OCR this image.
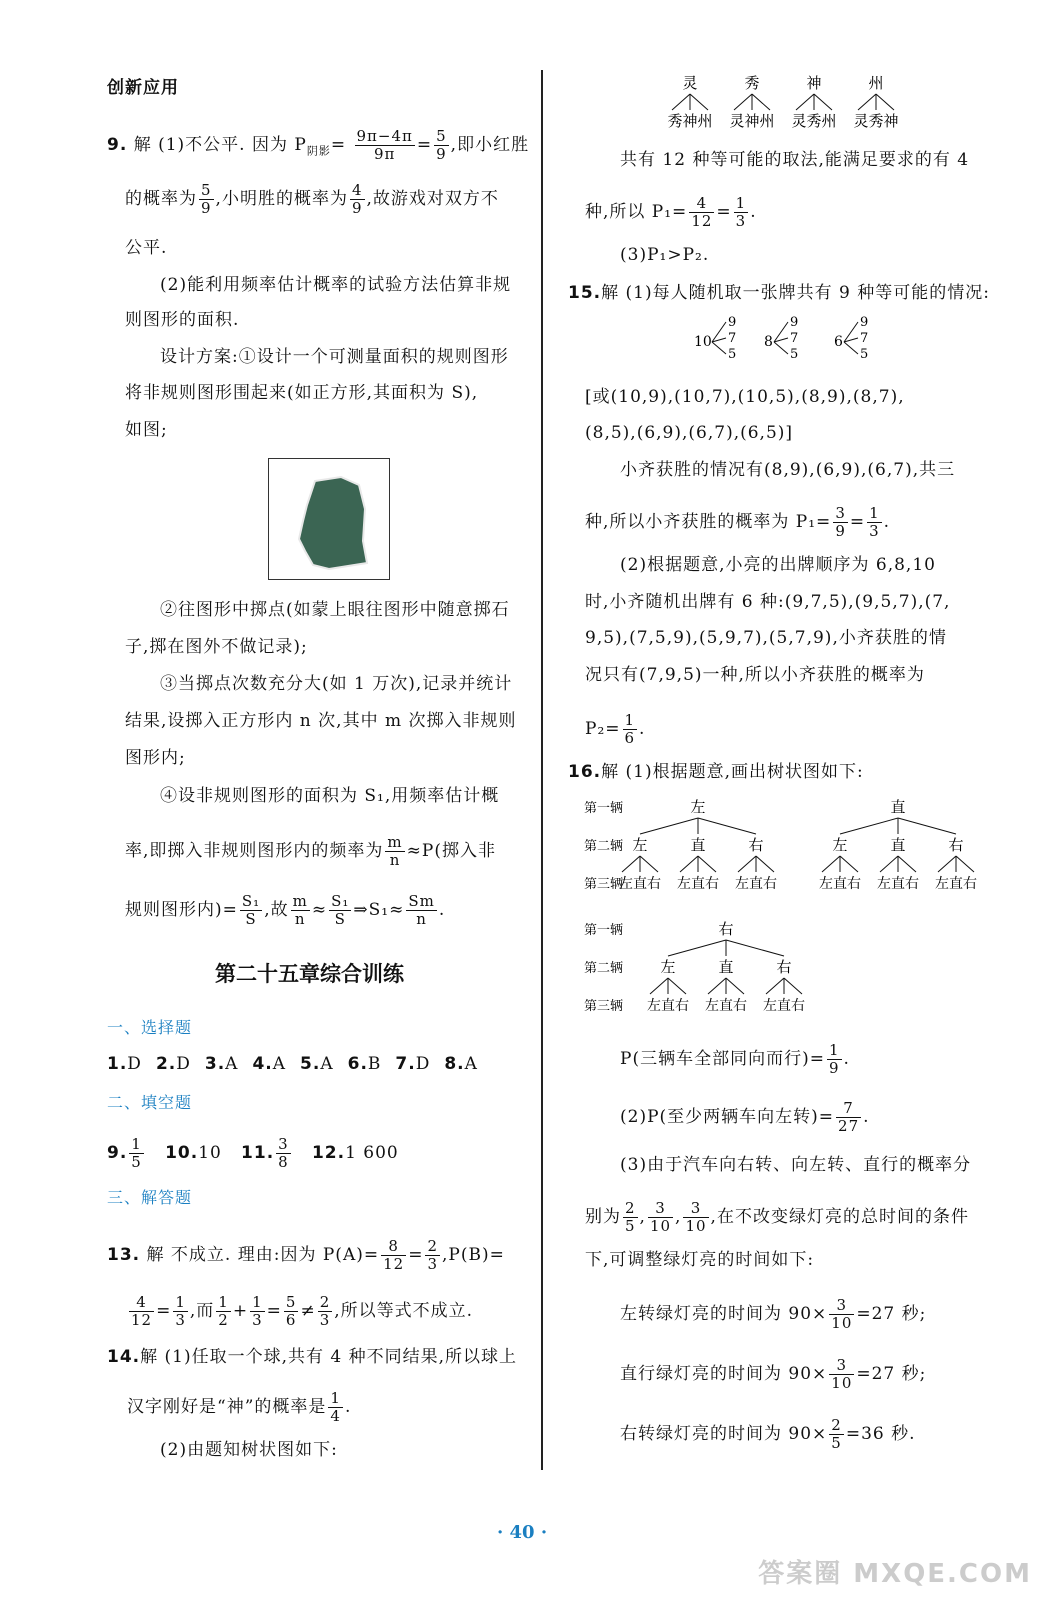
创新应用
9. 解 (1)不公平. 因为 $P_{阴影}= \frac{9\pi-4\pi}{9\pi} = \frac{5}{9}$ ,即小红胜
的概率为 $\frac{5}{9}$ ,小明胜的概率为 $\frac{4}{9}$ ,故游戏对双方不
公平.
(2)能利用频率估计概率的试验方法估算非规
则图形的面积.
设计方案:①设计一个可测量面积的规则图形
将非规则图形围起来(如正方形,其面积为 S),
如图;
②往图形中掷点(如蒙上眼往图形中随意掷石
子,掷在图外不做记录);
③当掷点次数充分大(如 1 万次),记录并统计
结果,设掷入正方形内 n 次,其中 m 次掷入非规则
图形内;
④设非规则图形的面积为 S₁,用频率估计概
率,即掷入非规则图形内的频率为 $\frac{m}{n} \approx P$(掷入非
规则图形内)= $\frac{\text{S₁}}{S}$ ,故 $\frac{m}{n} \approx \frac{\text{S₁}}{S}$ ⇒S₁≈ $\frac{Sm}{n}$ .
第二十五章综合训练
一、选择题
1.D 2.D 3.A 4.A 5.A 6.B 7.D 8.A
二、填空题
9. $\frac{1}{5} 10.10$ 11. $\frac{3}{8} 12.1$ 600
三、解答题
13. 解 不成立. 理由:因为 $P(A)= \frac{8}{12} = \frac{2}{3} ,P(B)=$
$\frac{4}{12} = \frac{1}{3}$ ,而 $\frac{1}{2} + \frac{1}{3} = \frac{5}{6} \ne \frac{2}{3}$ ,所以等式不成立.
14.解 (1)任取一个球,共有 4 种不同结果,所以球上
汉字刚好是“神”的概率是 $\frac{1}{4}$ .
(2)由题知树状图如下:
灵
秀神州
秀
灵神州
神
灵秀州
州
灵秀神
共有 12 种等可能的取法,能满足要求的有 4
种,所以 $P_1= \frac{4}{12} = \frac{1}{3}$ .
(3)P₁>P₂.
15.解 (1)每人随机取一张牌共有 9 种等可能的情况:
10
9
7
5
8
9
7
5
6
9
7
5
[或(10,9),(10,7),(10,5),(8,9),(8,7),
(8,5),(6,9),(6,7),(6,5)]
小齐获胜的情况有(8,9),(6,9),(6,7),共三
种,所以小齐获胜的概率为 $P_1= \frac{3}{9} = \frac{1}{3}$ .
(2)根据题意,小亮的出牌顺序为 6,8,10
时,小齐随机出牌有 6 种:(9,7,5),(9,5,7),(7,
9,5),(7,5,9),(5,9,7),(5,7,9),小齐获胜的情
况只有(7,9,5)一种,所以小齐获胜的概率为
$P_2= \frac{1}{6}$ .
16.解 (1)根据题意,画出树状图如下:
第一辆
第二辆
第三辆
左
左
左直右
直
左直右
右
左直右
直
左
左直右
直
左直右
右
左直右
第一辆
第二辆
第三辆
右
左
左直右
直
左直右
右
左直右
P(三辆车全部同向而行)= $\frac{1}{9}$ .
(2)P(至少两辆车向左转)= $\frac{7}{27}$ .
(3)由于汽车向右转、向左转、直行的概率分
别为 $\frac{2}{5}$ , $\frac{3}{10}$ , $\frac{3}{10}$ ,在不改变绿灯亮的总时间的条件
下,可调整绿灯亮的时间如下:
左转绿灯亮的时间为 $90\times \frac{3}{10} =27$ 秒;
直行绿灯亮的时间为 $90\times \frac{3}{10} =27$ 秒;
右转绿灯亮的时间为 $90\times \frac{2}{5} =36$ 秒.
· 40 ·
答案圈 MXQE.COM
